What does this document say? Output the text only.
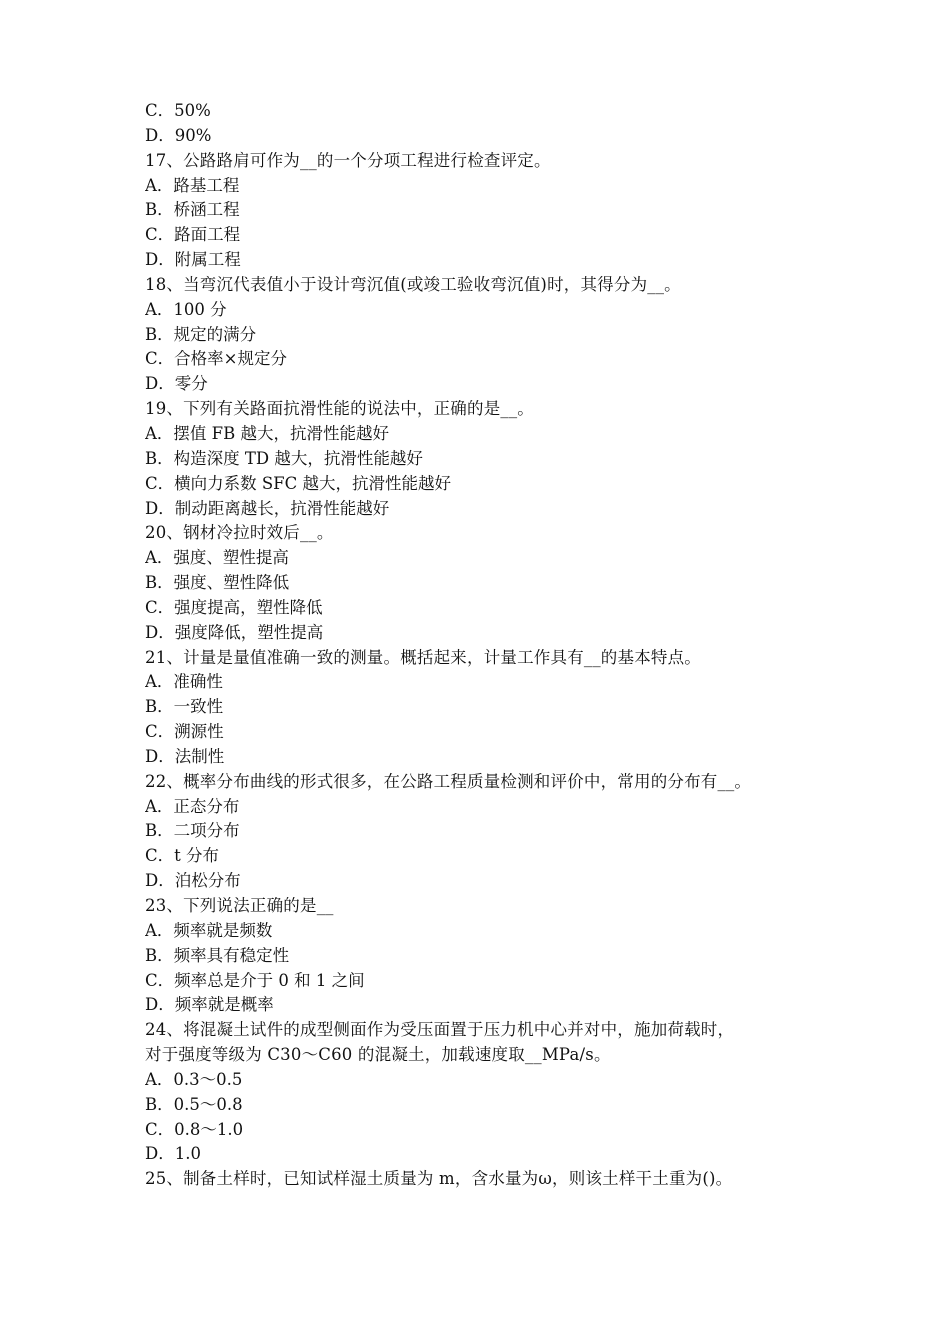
C．50%
D．90%
17、公路路肩可作为__的一个分项工程进行检查评定。
A．路基工程
B．桥涵工程
C．路面工程
D．附属工程
18、当弯沉代表值小于设计弯沉值(或竣工验收弯沉值)时，其得分为__。
A．100 分
B．规定的满分
C．合格率×规定分
D．零分
19、下列有关路面抗滑性能的说法中，正确的是__。
A．摆值 FB 越大，抗滑性能越好
B．构造深度 TD 越大，抗滑性能越好
C．横向力系数 SFC 越大，抗滑性能越好
D．制动距离越长，抗滑性能越好
20、钢材冷拉时效后__。
A．强度、塑性提高
B．强度、塑性降低
C．强度提高，塑性降低
D．强度降低，塑性提高
21、计量是量值准确一致的测量。概括起来，计量工作具有__的基本特点。
A．准确性
B．一致性
C．溯源性
D．法制性
22、概率分布曲线的形式很多，在公路工程质量检测和评价中，常用的分布有__。
A．正态分布
B．二项分布
C．t 分布
D．泊松分布
23、下列说法正确的是__
A．频率就是频数
B．频率具有稳定性
C．频率总是介于 0 和 1 之间
D．频率就是概率
24、将混凝土试件的成型侧面作为受压面置于压力机中心并对中，施加荷载时，
对于强度等级为 C30～C60 的混凝土，加载速度取__MPa/s。
A．0.3～0.5
B．0.5～0.8
C．0.8～1.0
D．1.0
25、制备土样时，已知试样湿土质量为 m，含水量为ω，则该土样干土重为()。
